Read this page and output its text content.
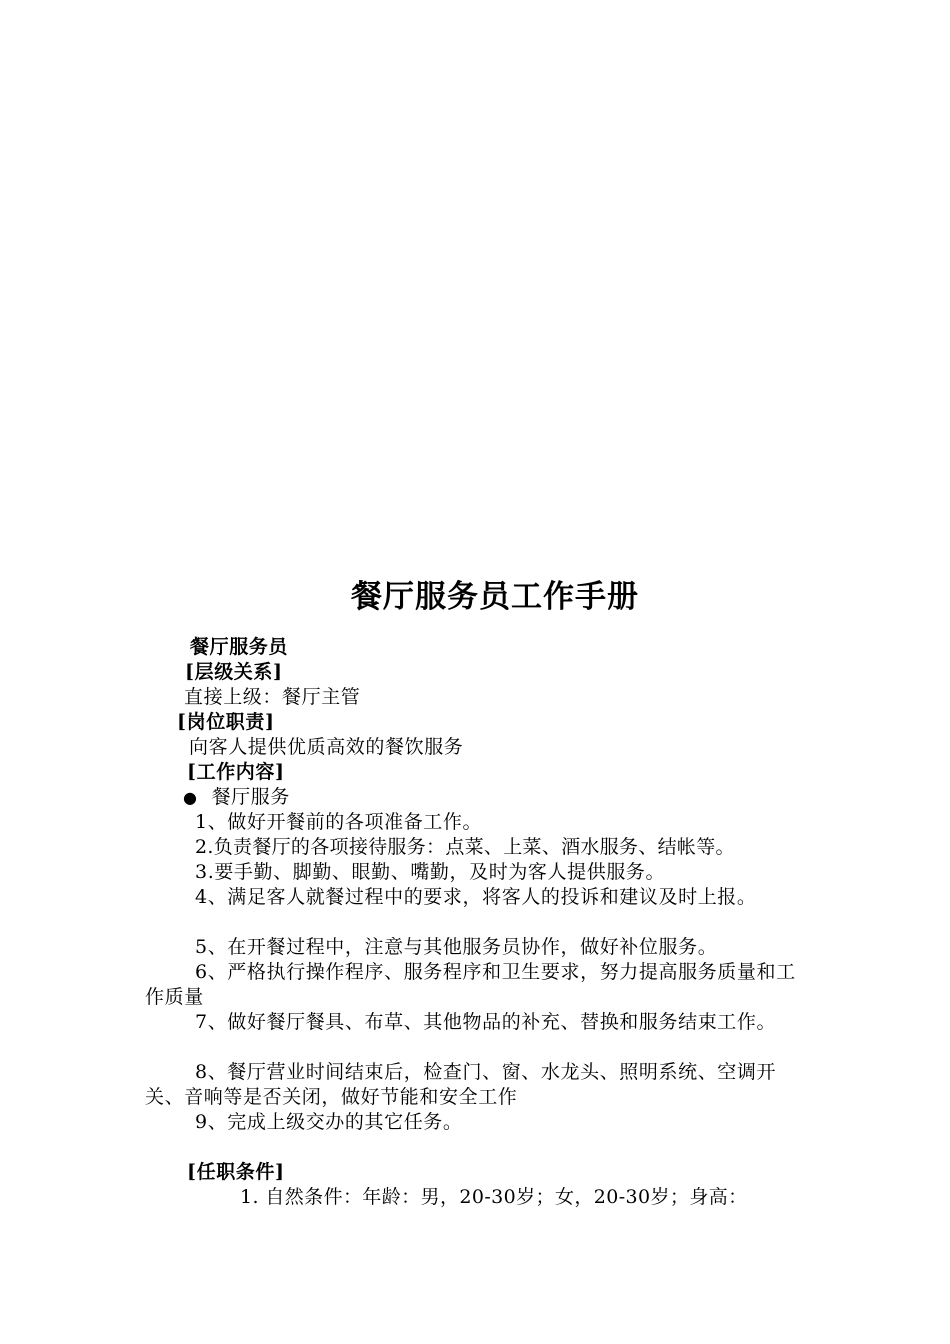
餐厅服务员工作手册
餐厅服务员
[层级关系]
直接上级：餐厅主管
[岗位职责]
向客人提供优质高效的餐饮服务
[工作内容]
● 餐厅服务
1、做好开餐前的各项准备工作。
2.负责餐厅的各项接待服务：点菜、上菜、酒水服务、结帐等。
3.要手勤、脚勤、眼勤、嘴勤，及时为客人提供服务。
4、满足客人就餐过程中的要求，将客人的投诉和建议及时上报。
5、在开餐过程中，注意与其他服务员协作，做好补位服务。
6、严格执行操作程序、服务程序和卫生要求，努力提高服务质量和工作质量
7、做好餐厅餐具、布草、其他物品的补充、替换和服务结束工作。
8、餐厅营业时间结束后，检查门、窗、水龙头、照明系统、空调开关、音响等是否关闭，做好节能和安全工作
9、完成上级交办的其它任务。
[任职条件]
1. 自然条件：年龄：男，20-30岁；女，20-30岁；身高：
